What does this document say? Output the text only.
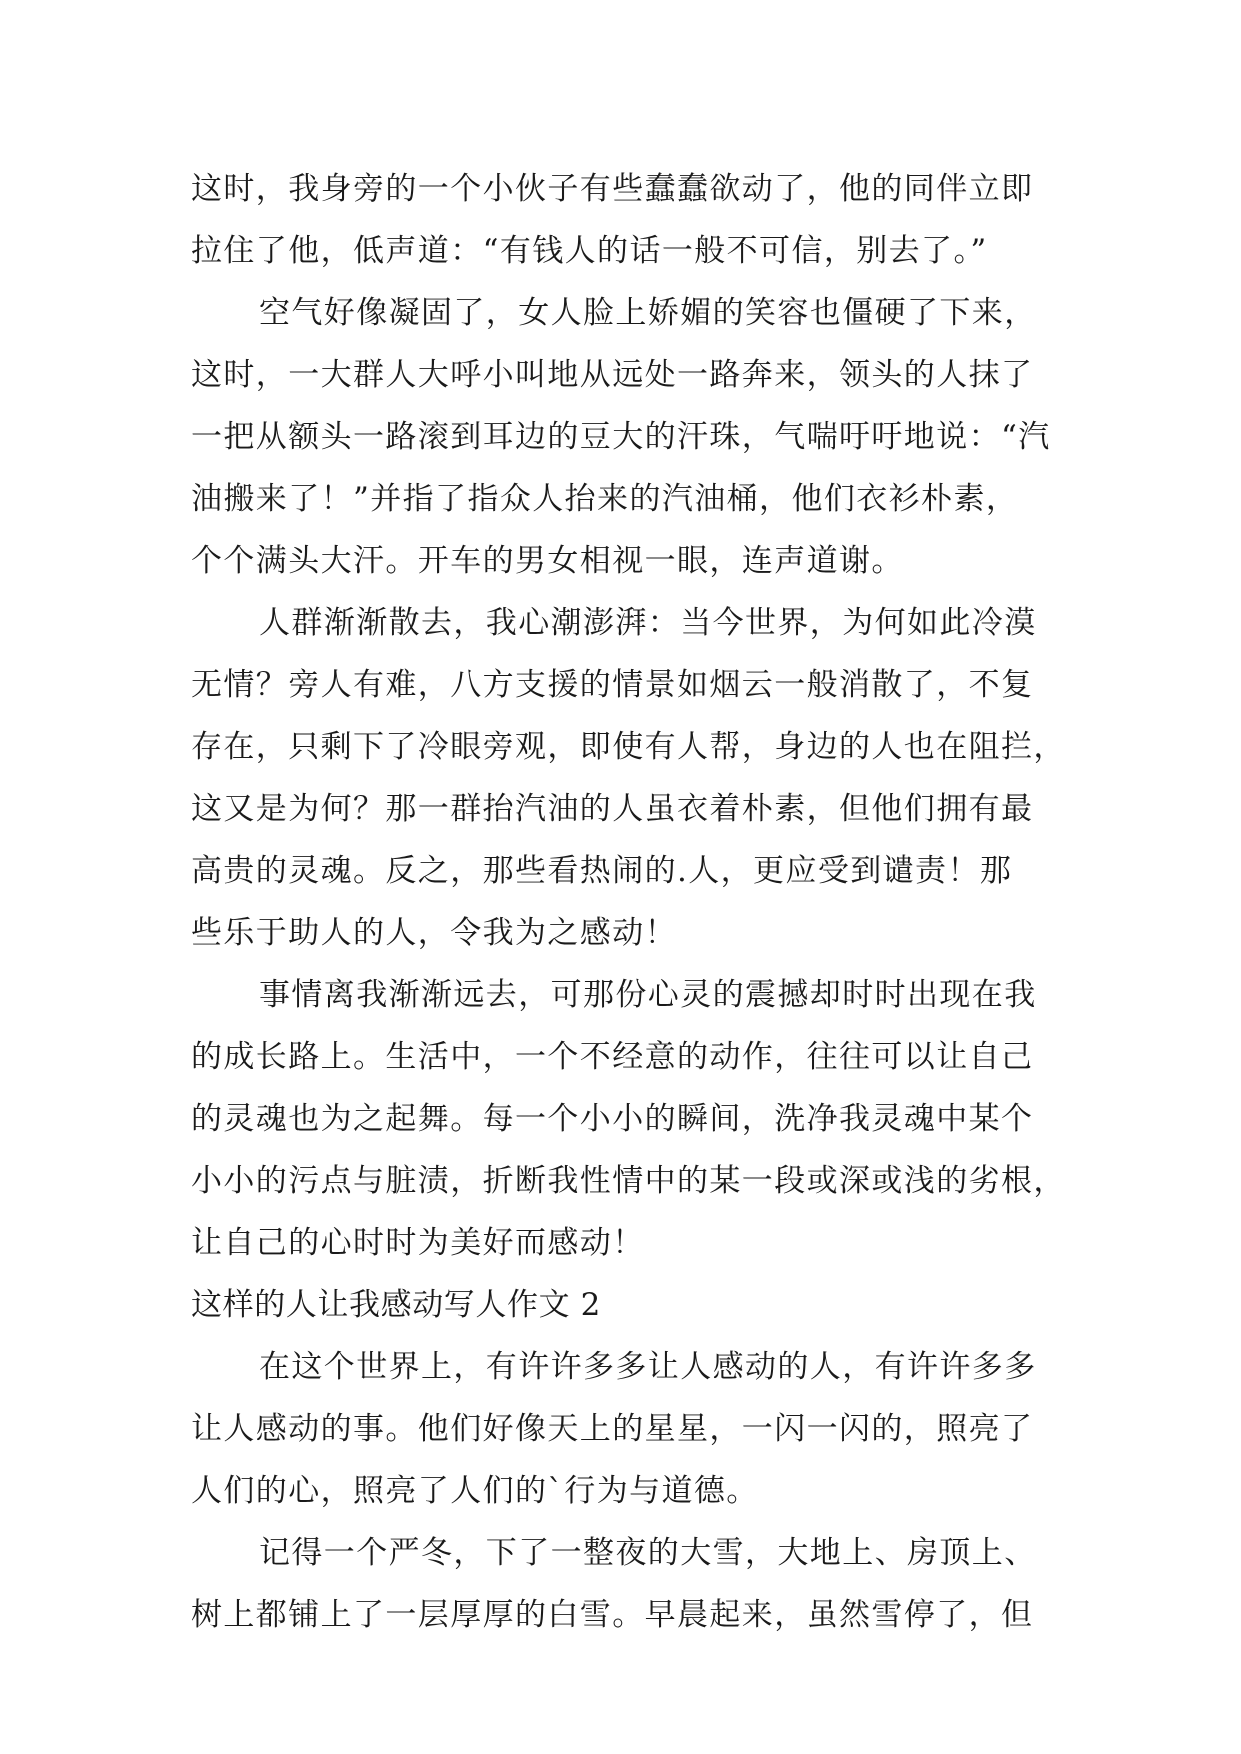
这时，我身旁的一个小伙子有些蠢蠢欲动了，他的同伴立即
拉住了他，低声道：“有钱人的话一般不可信，别去了。”
空气好像凝固了，女人脸上娇媚的笑容也僵硬了下来，
这时，一大群人大呼小叫地从远处一路奔来，领头的人抹了
一把从额头一路滚到耳边的豆大的汗珠，气喘吁吁地说：“汽
油搬来了！”并指了指众人抬来的汽油桶，他们衣衫朴素，
个个满头大汗。开车的男女相视一眼，连声道谢。
人群渐渐散去，我心潮澎湃：当今世界，为何如此冷漠
无情？旁人有难，八方支援的情景如烟云一般消散了，不复
存在，只剩下了冷眼旁观，即使有人帮，身边的人也在阻拦，
这又是为何？那一群抬汽油的人虽衣着朴素，但他们拥有最
高贵的灵魂。反之，那些看热闹的.人，更应受到谴责！那
些乐于助人的人，令我为之感动！
事情离我渐渐远去，可那份心灵的震撼却时时出现在我
的成长路上。生活中，一个不经意的动作，往往可以让自己
的灵魂也为之起舞。每一个小小的瞬间，洗净我灵魂中某个
小小的污点与脏渍，折断我性情中的某一段或深或浅的劣根，
让自己的心时时为美好而感动！
这样的人让我感动写人作文 2
在这个世界上，有许许多多让人感动的人，有许许多多
让人感动的事。他们好像天上的星星，一闪一闪的，照亮了
人们的心，照亮了人们的`行为与道德。
记得一个严冬，下了一整夜的大雪，大地上、房顶上、
树上都铺上了一层厚厚的白雪。早晨起来，虽然雪停了，但
